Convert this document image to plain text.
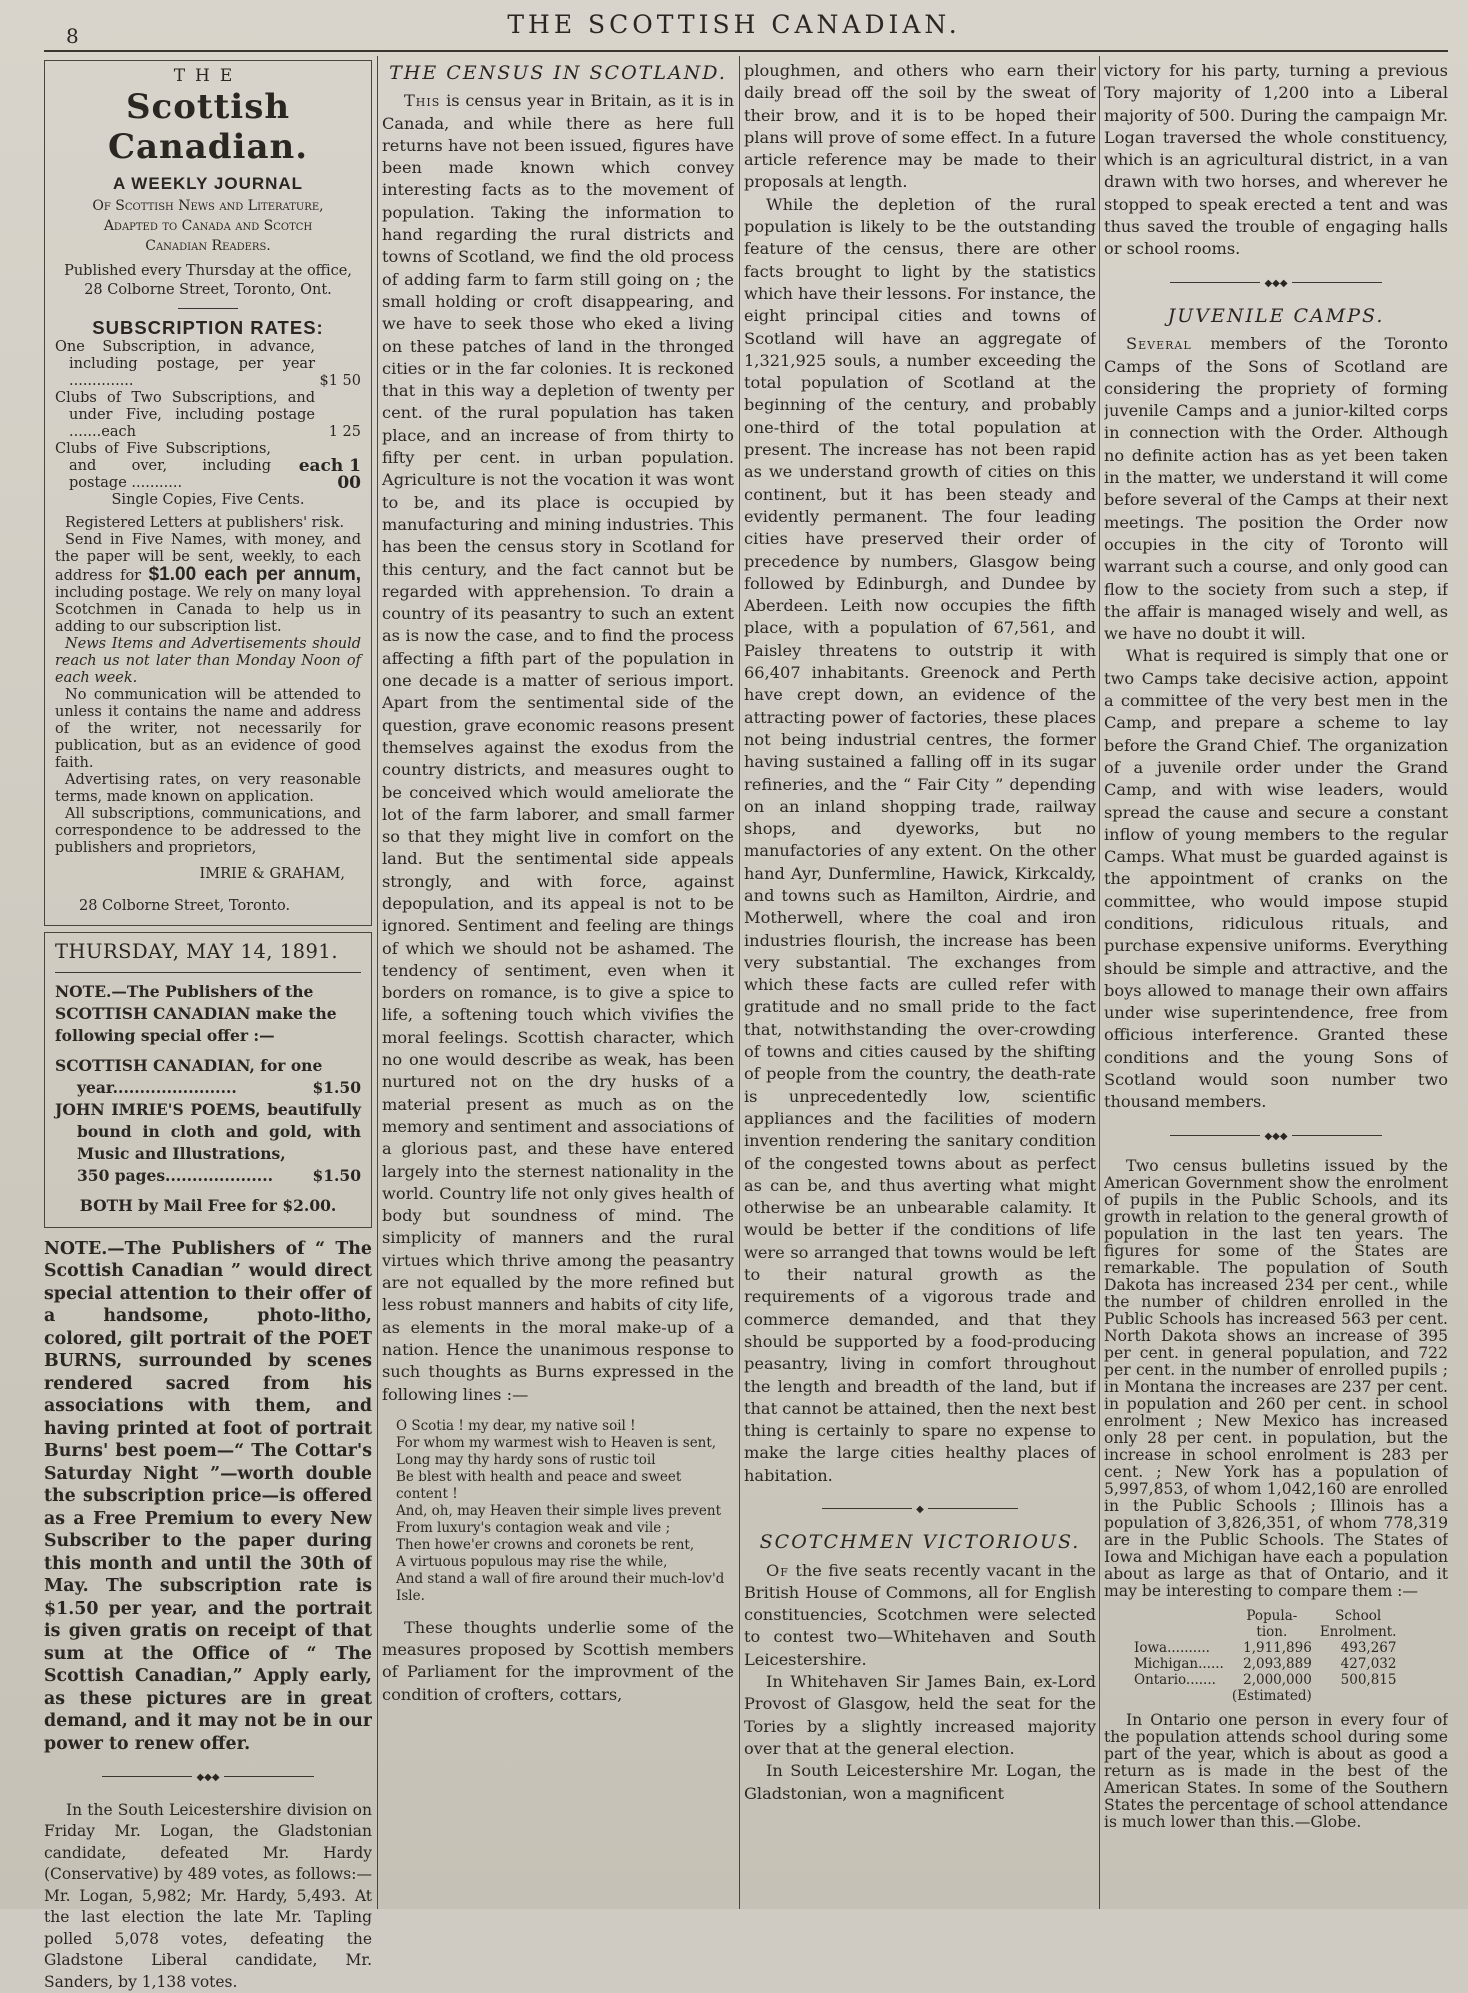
8	THE SCOTTISH CANADIAN.
THE
Scottish Canadian.
A WEEKLY JOURNAL
Of Scottish News and Literature,
Adapted to Canada and Scotch
Canadian Readers.
Published every Thursday at the office, 28 Colborne Street, Toronto, Ont.
SUBSCRIPTION RATES:
One Subscription, in advance, including postage, per year ..............	$1 50
Clubs of Two Subscriptions, and under Five, including postage .......each	1 25
Clubs of Five Subscriptions, and over, including postage ...........
each 1 00
Single Copies, Five Cents.
Registered Letters at publishers' risk.
Send in Five Names, with money, and the paper will be sent, weekly, to each address for $1.00 each per annum, including postage. We rely on many loyal Scotchmen in Canada to help us in adding to our subscription list.
News Items and Advertisements should reach us not later than Monday Noon of each week.
No communication will be attended to unless it contains the name and address of the writer, not necessarily for publication, but as an evidence of good faith.
Advertising rates, on very reasonable terms, made known on application.
All subscriptions, communications, and correspondence to be addressed to the publishers and proprietors,
IMRIE & GRAHAM,
28 Colborne Street, Toronto.
THURSDAY, MAY 14, 1891.
NOTE.—The Publishers of the SCOTTISH CANADIAN make the following special offer :—
SCOTTISH CANADIAN, for one
year.......................	$1.50
JOHN IMRIE'S POEMS, beautifully bound in cloth and gold, with Music and Illustrations,
350 pages....................	$1.50
BOTH by Mail Free for $2.00.
NOTE.—The Publishers of “ The Scottish Canadian ” would direct special attention to their offer of a handsome, photo-litho, colored, gilt portrait of the POET BURNS, surrounded by scenes rendered sacred from his associations with them, and having printed at foot of portrait Burns' best poem—“ The Cottar's Saturday Night ”—worth double the subscription price—is offered as a Free Premium to every New Subscriber to the paper during this month and until the 30th of May. The subscription rate is $1.50 per year, and the portrait is given gratis on receipt of that sum at the Office of “ The Scottish Canadian,” Apply early, as these pictures are in great demand, and it may not be in our power to renew offer.
◆◆◆

In the South Leicestershire division on Friday Mr. Logan, the Gladstonian candidate, defeated Mr. Hardy (Conservative) by 489 votes, as follows:—Mr. Logan, 5,982; Mr. Hardy, 5,493. At the last election the late Mr. Tapling polled 5,078 votes, defeating the Gladstone Liberal candidate, Mr. Sanders, by 1,138 votes.

THE CENSUS IN SCOTLAND.

This is census year in Britain, as it is in Canada, and while there as here full returns have not been issued, figures have been made known which convey interesting facts as to the movement of population. Taking the information to hand regarding the rural districts and towns of Scotland, we find the old process of adding farm to farm still going on ; the small holding or croft disappearing, and we have to seek those who eked a living on these patches of land in the thronged cities or in the far colonies. It is reckoned that in this way a depletion of twenty per cent. of the rural population has taken place, and an increase of from thirty to fifty per cent. in urban population. Agriculture is not the vocation it was wont to be, and its place is occupied by manufacturing and mining industries. This has been the census story in Scotland for this century, and the fact cannot but be regarded with apprehension. To drain a country of its peasantry to such an extent as is now the case, and to find the process affecting a fifth part of the population in one decade is a matter of serious import. Apart from the sentimental side of the question, grave economic reasons present themselves against the exodus from the country districts, and measures ought to be conceived which would ameliorate the lot of the farm laborer, and small farmer so that they might live in comfort on the land. But the sentimental side appeals strongly, and with force, against depopulation, and its appeal is not to be ignored. Sentiment and feeling are things of which we should not be ashamed. The tendency of sentiment, even when it borders on romance, is to give a spice to life, a softening touch which vivifies the moral feelings. Scottish character, which no one would describe as weak, has been nurtured not on the dry husks of a material present as much as on the memory and sentiment and associations of a glorious past, and these have entered largely into the sternest nationality in the world. Country life not only gives health of body but soundness of mind. The simplicity of manners and the rural virtues which thrive among the peasantry are not equalled by the more refined but less robust manners and habits of city life, as elements in the moral make-up of a nation. Hence the unanimous response to such thoughts as Burns expressed in the following lines :—

O Scotia ! my dear, my native soil !
For whom my warmest wish to Heaven is sent,
Long may thy hardy sons of rustic toil
Be blest with health and peace and sweet content !
And, oh, may Heaven their simple lives prevent
From luxury's contagion weak and vile ;
Then howe'er crowns and coronets be rent,
A virtuous populous may rise the while,
And stand a wall of fire around their much-lov'd Isle.

These thoughts underlie some of the measures proposed by Scottish members of Parliament for the improvment of the condition of crofters, cottars,

ploughmen, and others who earn their daily bread off the soil by the sweat of their brow, and it is to be hoped their plans will prove of some effect. In a future article reference may be made to their proposals at length.

While the depletion of the rural population is likely to be the outstanding feature of the census, there are other facts brought to light by the statistics which have their lessons. For instance, the eight principal cities and towns of Scotland will have an aggregate of 1,321,925 souls, a number exceeding the total population of Scotland at the beginning of the century, and probably one-third of the total population at present. The increase has not been rapid as we understand growth of cities on this continent, but it has been steady and evidently permanent. The four leading cities have preserved their order of precedence by numbers, Glasgow being followed by Edinburgh, and Dundee by Aberdeen. Leith now occupies the fifth place, with a population of 67,561, and Paisley threatens to outstrip it with 66,407 inhabitants. Greenock and Perth have crept down, an evidence of the attracting power of factories, these places not being industrial centres, the former having sustained a falling off in its sugar refineries, and the “ Fair City ” depending on an inland shopping trade, railway shops, and dyeworks, but no manufactories of any extent. On the other hand Ayr, Dunfermline, Hawick, Kirkcaldy, and towns such as Hamilton, Airdrie, and Motherwell, where the coal and iron industries flourish, the increase has been very substantial. The exchanges from which these facts are culled refer with gratitude and no small pride to the fact that, notwithstanding the over-crowding of towns and cities caused by the shifting of people from the country, the death-rate is unprecedentedly low, scientific appliances and the facilities of modern invention rendering the sanitary condition of the congested towns about as perfect as can be, and thus averting what might otherwise be an unbearable calamity. It would be better if the conditions of life were so arranged that towns would be left to their natural growth as the requirements of a vigorous trade and commerce demanded, and that they should be supported by a food-producing peasantry, living in comfort throughout the length and breadth of the land, but if that cannot be attained, then the next best thing is certainly to spare no expense to make the large cities healthy places of habitation.

◆
SCOTCHMEN VICTORIOUS.

Of the five seats recently vacant in the British House of Commons, all for English constituencies, Scotchmen were selected to contest two—Whitehaven and South Leicestershire.

In Whitehaven Sir James Bain, ex-Lord Provost of Glasgow, held the seat for the Tories by a slightly increased majority over that at the general election.

In South Leicestershire Mr. Logan, the Gladstonian, won a magnificent

victory for his party, turning a previous Tory majority of 1,200 into a Liberal majority of 500. During the campaign Mr. Logan traversed the whole constituency, which is an agricultural district, in a van drawn with two horses, and wherever he stopped to speak erected a tent and was thus saved the trouble of engaging halls or school rooms.

◆◆◆
JUVENILE CAMPS.

Several members of the Toronto Camps of the Sons of Scotland are considering the propriety of forming juvenile Camps and a junior-kilted corps in connection with the Order. Although no definite action has as yet been taken in the matter, we understand it will come before several of the Camps at their next meetings. The position the Order now occupies in the city of Toronto will warrant such a course, and only good can flow to the society from such a step, if the affair is managed wisely and well, as we have no doubt it will.

What is required is simply that one or two Camps take decisive action, appoint a committee of the very best men in the Camp, and prepare a scheme to lay before the Grand Chief. The organization of a juvenile order under the Grand Camp, and with wise leaders, would spread the cause and secure a constant inflow of young members to the regular Camps. What must be guarded against is the appointment of cranks on the committee, who would impose stupid conditions, ridiculous rituals, and purchase expensive uniforms. Everything should be simple and attractive, and the boys allowed to manage their own affairs under wise superintendence, free from officious interference. Granted these conditions and the young Sons of Scotland would soon number two thousand members.

◆◆◆

Two census bulletins issued by the American Government show the enrolment of pupils in the Public Schools, and its growth in relation to the general growth of population in the last ten years. The figures for some of the States are remarkable. The population of South Dakota has increased 234 per cent., while the number of children enrolled in the Public Schools has increased 563 per cent. North Dakota shows an increase of 395 per cent. in general population, and 722 per cent. in the number of enrolled pupils ; in Montana the increases are 237 per cent. in population and 260 per cent. in school enrolment ; New Mexico has increased only 28 per cent. in population, but the increase in school enrolment is 283 per cent. ; New York has a population of 5,997,853, of whom 1,042,160 are enrolled in the Public Schools ; Illinois has a population of 3,826,351, of whom 778,319 are in the Public Schools. The States of Iowa and Michigan have each a population about as large as that of Ontario, and it may be interesting to compare them :—

	Popula-	School
	tion.	Enrolment.
Iowa..........	1,911,896	493,267
Michigan......	2,093,889	427,032
Ontario.......	2,000,000	500,815
	(Estimated)	

In Ontario one person in every four of the population attends school during some part of the year, which is about as good a return as is made in the best of the American States. In some of the Southern States the percentage of school attendance is much lower than this.—Globe.
